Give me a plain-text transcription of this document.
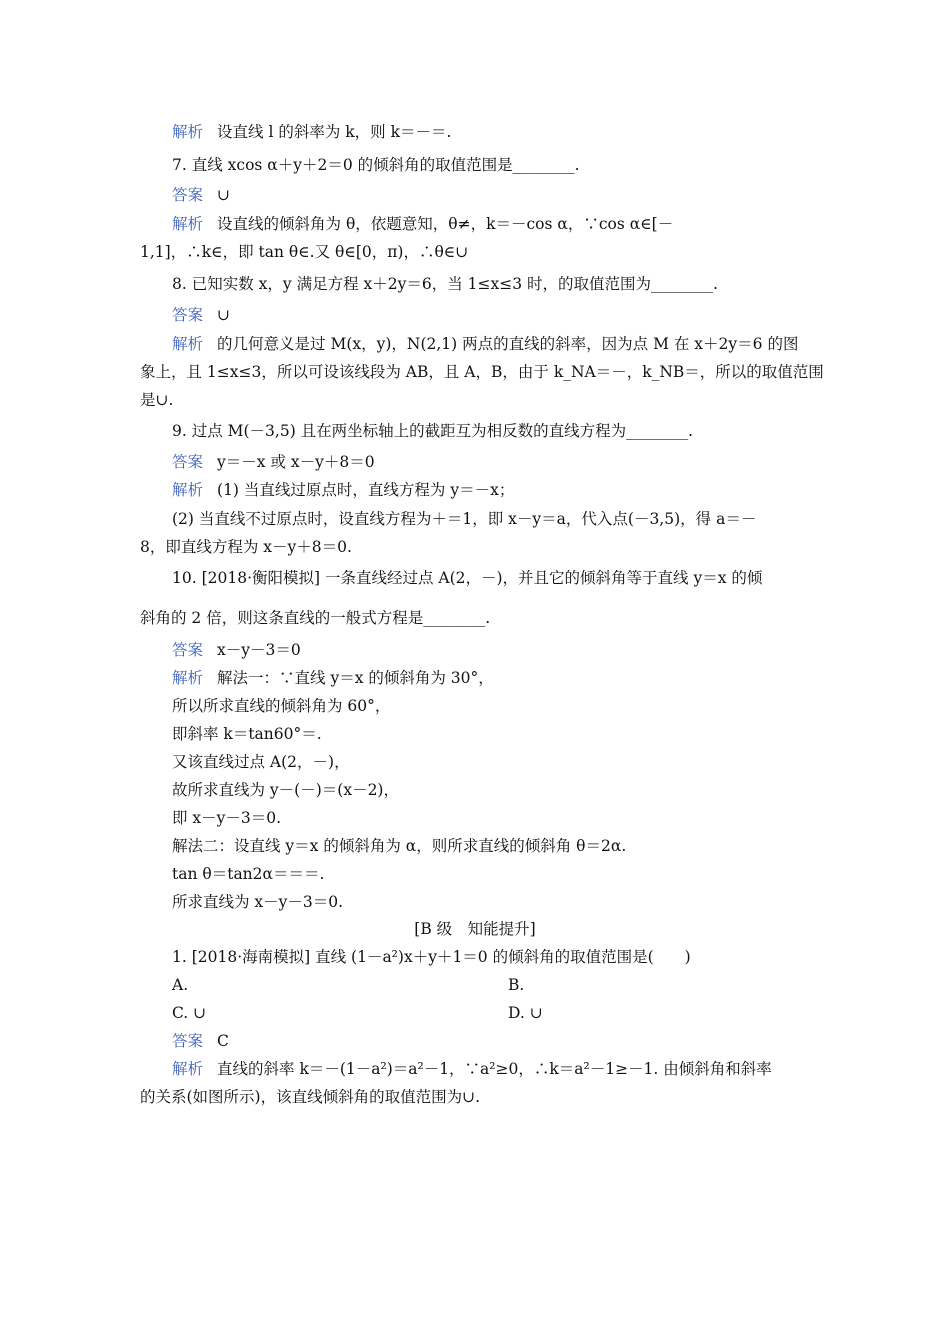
解析 设直线 l 的斜率为 k，则 k＝－＝.
7. 直线 xcos α＋y＋2＝0 的倾斜角的取值范围是________.
答案 ∪
解析 设直线的倾斜角为 θ，依题意知，θ≠，k＝－cos α，∵cos α∈[－
1,1]，∴k∈，即 tan θ∈.又 θ∈[0，π)，∴θ∈∪
8. 已知实数 x，y 满足方程 x＋2y＝6，当 1≤x≤3 时，的取值范围为________.
答案 ∪
解析 的几何意义是过 M(x，y)，N(2,1) 两点的直线的斜率，因为点 M 在 x＋2y＝6 的图
象上，且 1≤x≤3，所以可设该线段为 AB，且 A，B，由于 k_NA＝－，k_NB＝，所以的取值范围
是∪.
9. 过点 M(－3,5) 且在两坐标轴上的截距互为相反数的直线方程为________.
答案 y＝－x 或 x－y＋8＝0
解析 (1) 当直线过原点时，直线方程为 y＝－x；
(2) 当直线不过原点时，设直线方程为＋＝1，即 x－y＝a，代入点(－3,5)，得 a＝－
8，即直线方程为 x－y＋8＝0.
10. [2018·衡阳模拟] 一条直线经过点 A(2，－)，并且它的倾斜角等于直线 y＝x 的倾
斜角的 2 倍，则这条直线的一般式方程是________.
答案 x－y－3＝0
解析 解法一：∵直线 y＝x 的倾斜角为 30°，
所以所求直线的倾斜角为 60°，
即斜率 k＝tan60°＝.
又该直线过点 A(2，－)，
故所求直线为 y－(－)＝(x－2)，
即 x－y－3＝0.
解法二：设直线 y＝x 的倾斜角为 α，则所求直线的倾斜角 θ＝2α.
tan θ＝tan2α＝＝＝.
所求直线为 x－y－3＝0.
[B 级　知能提升]
1. [2018·海南模拟] 直线 (1－a²)x＋y＋1＝0 的倾斜角的取值范围是(　　)
A.	B.
C. ∪	D. ∪
答案 C
解析 直线的斜率 k＝－(1－a²)＝a²－1，∵a²≥0，∴k＝a²－1≥－1. 由倾斜角和斜率
的关系(如图所示)，该直线倾斜角的取值范围为∪.
